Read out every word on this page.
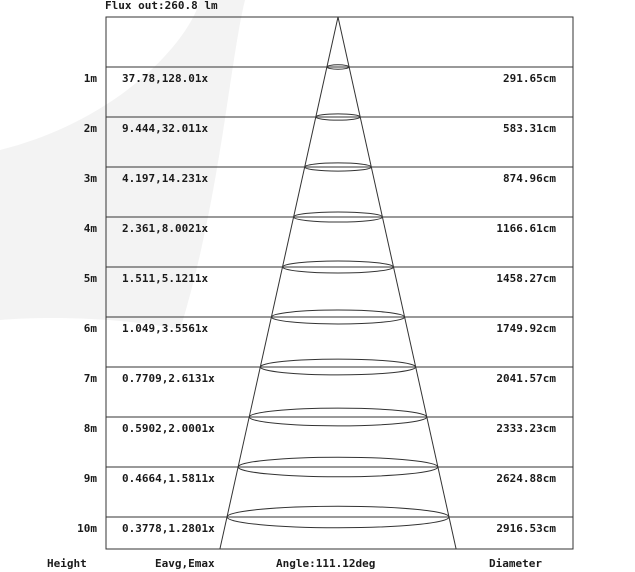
Flux out:260.8 lm
1m 37.78,128.01x	291.65cm
2m 9.444,32.011x	583.31cm
3m 4.197,14.231x	874.96cm
4m 2.361,8.0021x	1166.61cm
5m 1.511,5.1211x	1458.27cm
6m 1.049,3.5561x	1749.92cm
7m 0.7709,2.6131x	2041.57cm
8m 0.5902,2.0001x	2333.23cm
9m 0.4664,1.5811x	2624.88cm
10m 0.3778,1.2801x	2916.53cm
Height	Eavg,Emax	Angle:111.12deg	Diameter
